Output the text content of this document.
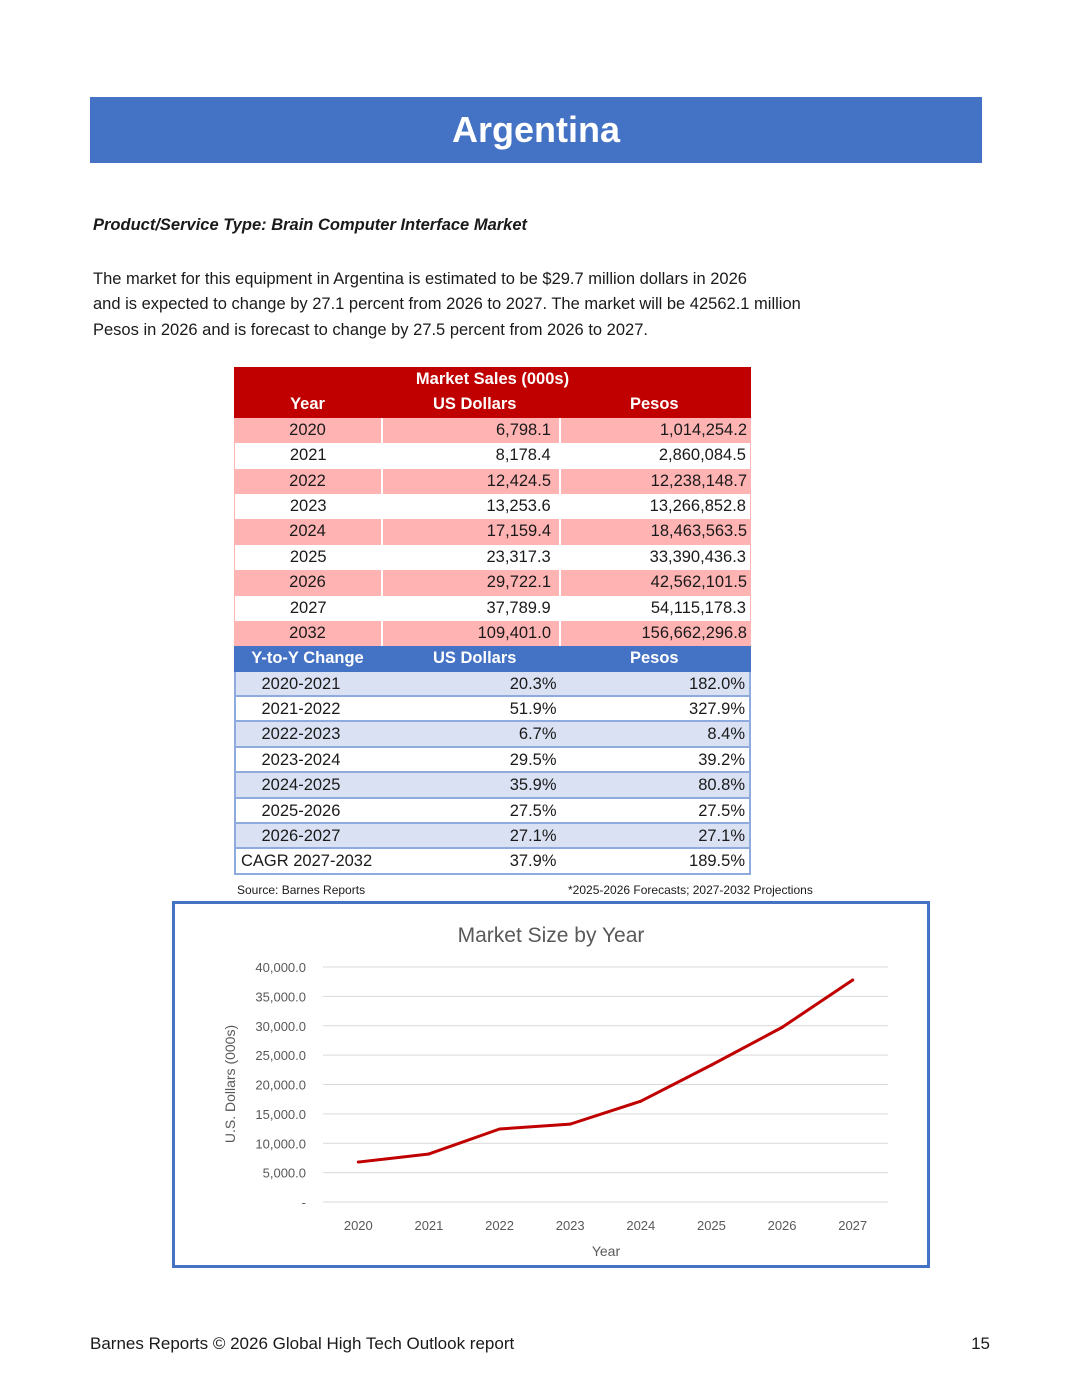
Argentina
Product/Service Type: Brain Computer Interface Market
The market for this equipment in Argentina is estimated to be $29.7 million dollars in 2026
and is expected to change by 27.1 percent from 2026 to 2027. The market will be 42562.1 million
Pesos in 2026 and is forecast to change by 27.5 percent from 2026 to 2027.
Market Sales (000s)
Year	US Dollars	Pesos
2020	6,798.1	1,014,254.2
2021	8,178.4	2,860,084.5
2022	12,424.5	12,238,148.7
2023	13,253.6	13,266,852.8
2024	17,159.4	18,463,563.5
2025	23,317.3	33,390,436.3
2026	29,722.1	42,562,101.5
2027	37,789.9	54,115,178.3
2032	109,401.0	156,662,296.8
Y-to-Y Change	US Dollars	Pesos
2020-2021	20.3%	182.0%
2021-2022	51.9%	327.9%
2022-2023	6.7%	8.4%
2023-2024	29.5%	39.2%
2024-2025	35.9%	80.8%
2025-2026	27.5%	27.5%
2026-2027	27.1%	27.1%
CAGR 2027-2032	37.9%	189.5%
Source: Barnes Reports	*2025-2026 Forecasts; 2027-2032 Projections
Market Size by Year
-
5,000.0
10,000.0
15,000.0
20,000.0
25,000.0
30,000.0
35,000.0
40,000.0
2020	2021	2022	2023	2024	2025	2026	2027
Year
U.S. Dollars (000s)
Barnes Reports © 2026 Global High Tech Outlook report	15
